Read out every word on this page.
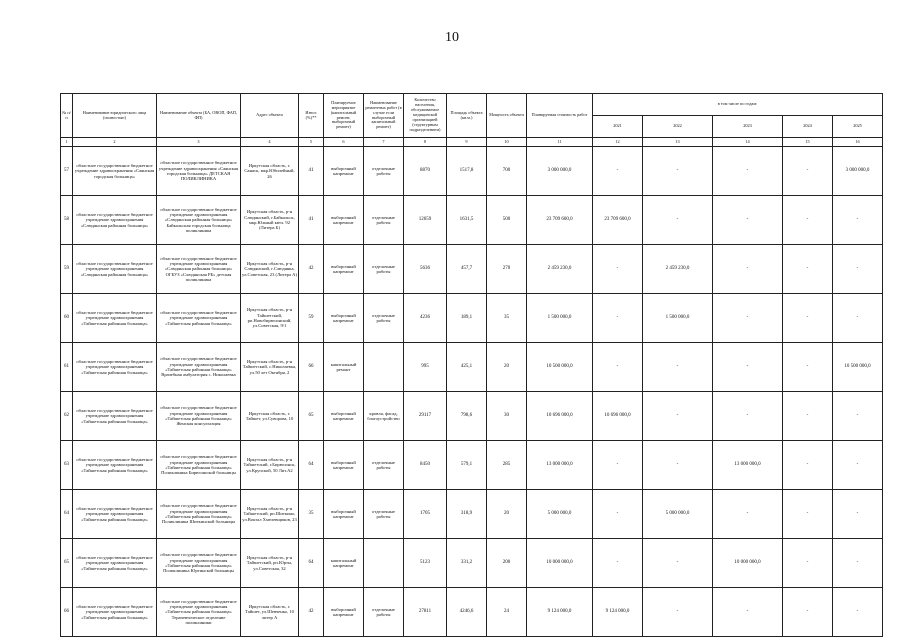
10
№ п/п	Наименование юридического лица (полностью)	Наименование объекта (БА, ОВОП, ФАП, ФП)	Адрес объекта	Износ (%)**	Планируемое мероприятие (капитальный ремонт, выборочный ремонт)	Наименование ремонтных работ (в случае если выборочный капитальный ремонт)	Количество населения, обслуживаемое медицинской организацией (структурным подразделением)	Площадь объекта (кв.м.)	Мощность объекта	Планируемая стоимость работ	в том числе по годам:				
											2021	2022	2023	2024	2025
1	2	3	4	5	6	7	8	9	10	11	12	13	14	15	16
57	областное государственное бюджетное учреждение здравоохранения «Саянская городская больница»	областное государственное бюджетное учреждение здравоохранения «Саянская городская больница» ДЕТСКАЯ ПОЛИКЛИНИКА	Иркутская область, г. Саянск, мкр.Юбилейный, 26	41	выборочный капремонт	отделочные работы	8870	1517,8	700	3 000 000,0	-	-	-	-	3 000 000,0
58	областное государственное бюджетное учреждение здравоохранения «Слюдянская районная больница»	областное государственное бюджетное учреждение здравоохранения «Слюдянская районная больница» Байкальская городская больница поликлиника	Иркутская область, р-н Слюдянский, г.Байкальск, мкр.Южный квтл. 92 (Литера Б)	41	выборочный капремонт	отделочные работы	12659	1631,5	500	23 709 600,0	23 709 600,0	-	-	-	-
59	областное государственное бюджетное учреждение здравоохранения «Слюдянская районная больница»	областное государственное бюджетное учреждение здравоохранения «Слюдянская районная больница» ОГБУЗ «Слюдянская РБ» детская поликлиника	Иркутская область, р-н Слюдянский, г.Слюдянка, ул.Советская, 23 (Литера А)	42	выборочный капремонт	отделочные работы	5636	457,7	270	2 459 230,0	-	2 459 230,0	-	-	-
60	областное государственное бюджетное учреждение здравоохранения «Тайшетская районная больница»	областное государственное бюджетное учреждение здравоохранения «Тайшетская районная больница»	Иркутская область, р-н Тайшетский, рп.Новобирюсинский, ул.Советская, 9/1	59	выборочный капремонт	отделочные работы	4236	189,1	35	1 500 000,0	-	1 500 000,0	-	-	-
61	областное государственное бюджетное учреждение здравоохранения «Тайшетская районная больница»	областное государственное бюджетное учреждение здравоохранения «Тайшетская районная больница» Врачебная амбулатория с. Николаевка	Иркутская область, р-н Тайшетский, с.Николаевка, ул.50 лет Октября, 2	66	капитальный ремонт		995	425,1	20	10 500 000,0	-	-	-	-	10 500 000,0
62	областное государственное бюджетное учреждение здравоохранения «Тайшетская районная больница»	областное государственное бюджетное учреждение здравоохранения «Тайшетская районная больница» Женская консультация	Иркутская область, г. Тайшет, ул.Суворова, 10	65	выборочный капремонт	кровля, фасад, благоустройство	29117	798,6	30	10 696 000,0	10 696 000,0	-	-	-	-
63	областное государственное бюджетное учреждение здравоохранения «Тайшетская районная больница»	областное государственное бюджетное учреждение здравоохранения «Тайшетская районная больница» Поликлиника Бирюсинской больницы	Иркутская область, р-н Тайшетский, г.Бирюсинск, ул.Крупской, 50 Лит.А2	64	выборочный капремонт	отделочные работы	8450	579,1	285	13 000 000,0	-	-	13 000 000,0	-	-
64	областное государственное бюджетное учреждение здравоохранения «Тайшетская районная больница»	областное государственное бюджетное учреждение здравоохранения «Тайшетская районная больница» Поликлиника Шиткинской больницы	Иркутская область, р-н Тайшетский, рп.Шиткино, ул.Вокзал Хмелевщиков, 23	35	выборочный капремонт	отделочные работы	1705	318,9	20	5 000 000,0	-	5 000 000,0	-	-	-
65	областное государственное бюджетное учреждение здравоохранения «Тайшетская районная больница»	областное государственное бюджетное учреждение здравоохранения «Тайшетская районная больница» Поликлиника Юртинской больницы	Иркутская область, р-н Тайшетский, рп.Юрты, ул.Советская, 32	64	капитальный капремонт		5123	331,2	200	10 000 000,0	-	-	10 000 000,0	-	-
66	областное государственное бюджетное учреждение здравоохранения «Тайшетская районная больница»	областное государственное бюджетное учреждение здравоохранения «Тайшетская районная больница» Терапевтическое отделение поликлиники	Иркутская область, г. Тайшет, ул.Шевченко, 10 литер А	42	выборочный капремонт	отделочные работы	27811	4246,6	24	9 124 000,0	9 124 000,0	-	-	-	-
